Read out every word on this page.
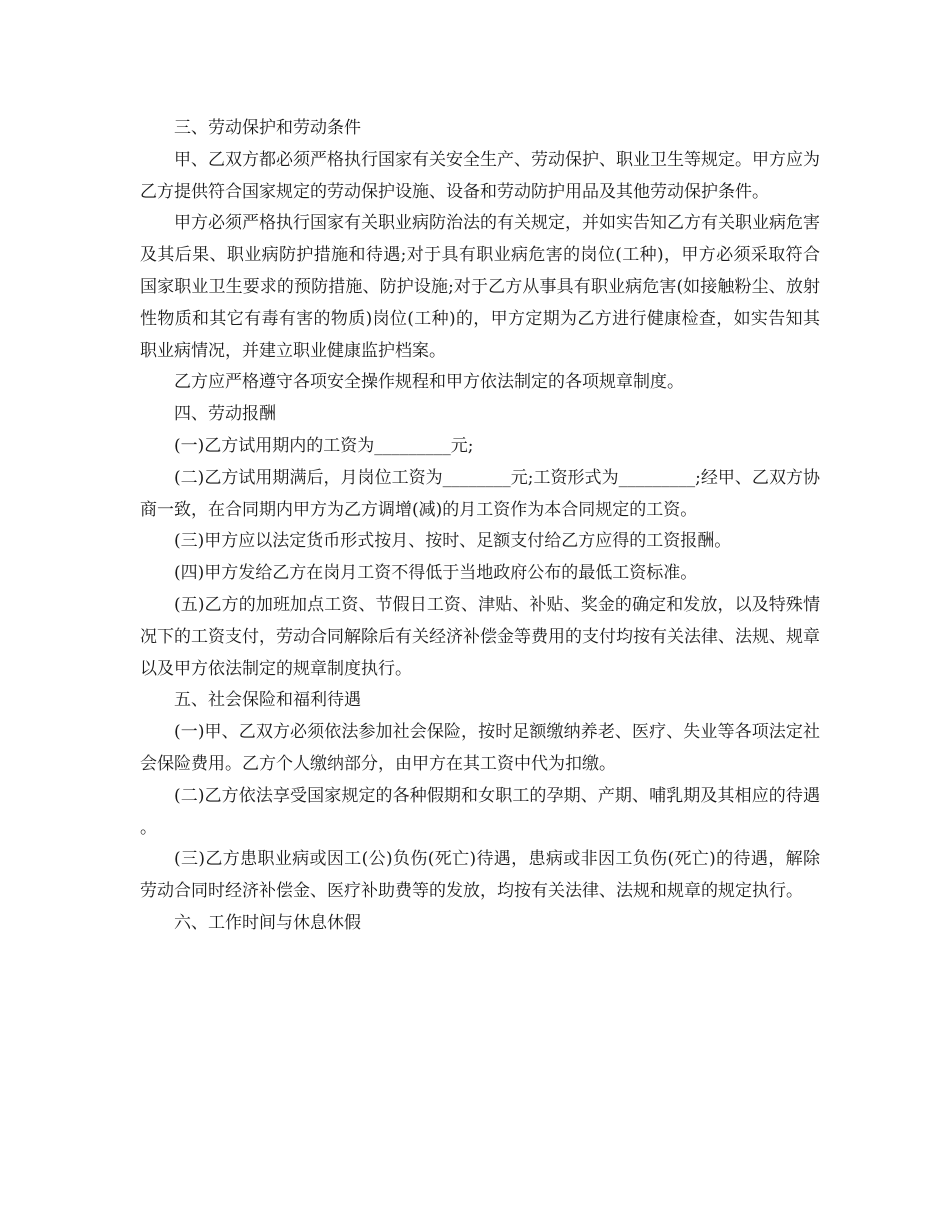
三、劳动保护和劳动条件

甲、乙双方都必须严格执行国家有关安全生产、劳动保护、职业卫生等规定。甲方应为乙方提供符合国家规定的劳动保护设施、设备和劳动防护用品及其他劳动保护条件。

甲方必须严格执行国家有关职业病防治法的有关规定，并如实告知乙方有关职业病危害及其后果、职业病防护措施和待遇;对于具有职业病危害的岗位(工种)，甲方必须采取符合国家职业卫生要求的预防措施、防护设施;对于乙方从事具有职业病危害(如接触粉尘、放射性物质和其它有毒有害的物质)岗位(工种)的，甲方定期为乙方进行健康检查，如实告知其职业病情况，并建立职业健康监护档案。

乙方应严格遵守各项安全操作规程和甲方依法制定的各项规章制度。

四、劳动报酬

(一)乙方试用期内的工资为_________元;

(二)乙方试用期满后，月岗位工资为________元;工资形式为_________;经甲、乙双方协商一致，在合同期内甲方为乙方调增(减)的月工资作为本合同规定的工资。

(三)甲方应以法定货币形式按月、按时、足额支付给乙方应得的工资报酬。

(四)甲方发给乙方在岗月工资不得低于当地政府公布的最低工资标准。

(五)乙方的加班加点工资、节假日工资、津贴、补贴、奖金的确定和发放，以及特殊情况下的工资支付，劳动合同解除后有关经济补偿金等费用的支付均按有关法律、法规、规章以及甲方依法制定的规章制度执行。

五、社会保险和福利待遇

(一)甲、乙双方必须依法参加社会保险，按时足额缴纳养老、医疗、失业等各项法定社会保险费用。乙方个人缴纳部分，由甲方在其工资中代为扣缴。

(二)乙方依法享受国家规定的各种假期和女职工的孕期、产期、哺乳期及其相应的待遇。

(三)乙方患职业病或因工(公)负伤(死亡)待遇，患病或非因工负伤(死亡)的待遇，解除劳动合同时经济补偿金、医疗补助费等的发放，均按有关法律、法规和规章的规定执行。

六、工作时间与休息休假
